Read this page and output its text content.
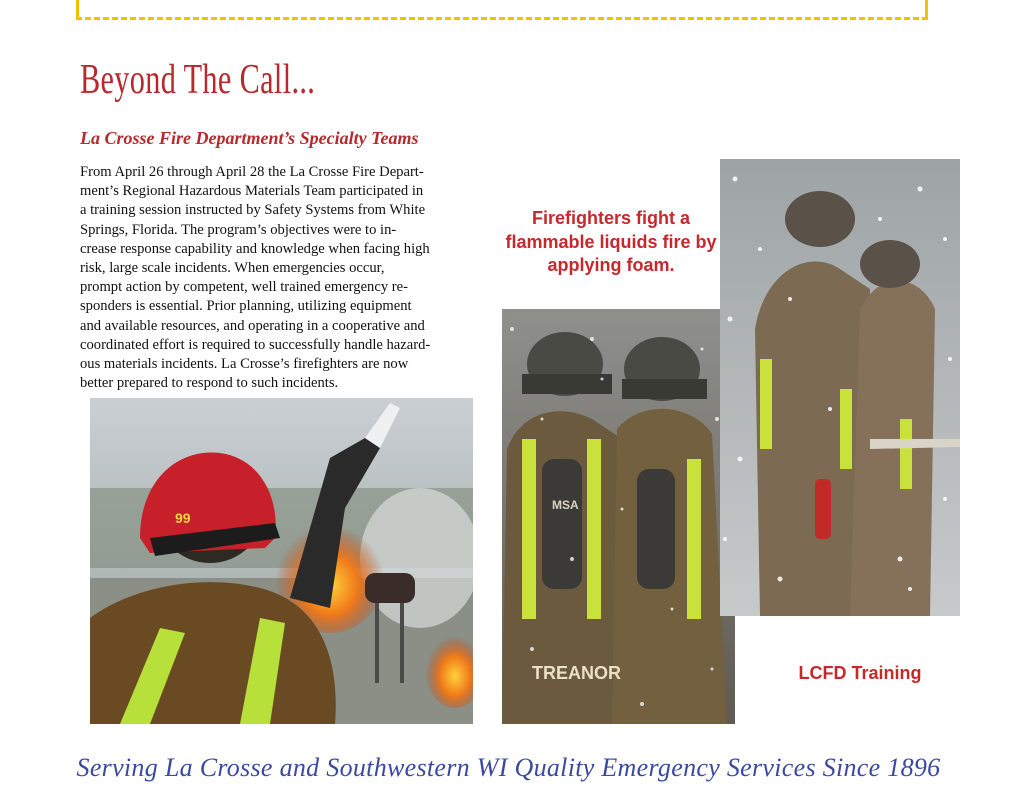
Beyond The Call...
La Crosse Fire Department’s Specialty Teams
From April 26 through April 28 the La Crosse Fire Depart-
ment’s Regional Hazardous Materials Team participated in
a training session instructed by Safety Systems from White
Springs, Florida. The program’s objectives were to in-
crease response capability and knowledge when facing high
risk, large scale incidents. When emergencies occur,
prompt action by competent, well trained emergency re-
sponders is essential. Prior planning, utilizing equipment
and available resources, and operating in a cooperative and
coordinated effort is required to successfully handle hazard-
ous materials incidents. La Crosse’s firefighters are now
better prepared to respond to such incidents.
99

Firefighters fight a flammable liquids fire by applying foam.

MSA
TREANOR	LCFD Training

Serving La Crosse and Southwestern WI Quality Emergency Services Since 1896
